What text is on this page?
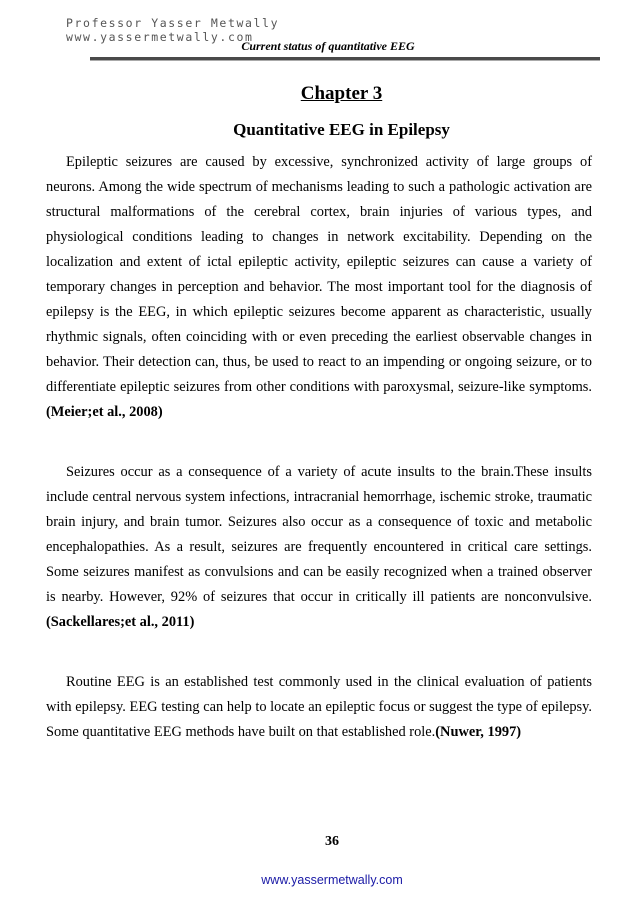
Professor Yasser Metwally
www.yassermetwally.com
Current status of quantitative EEG
Chapter 3
Quantitative EEG in Epilepsy

Epileptic seizures are caused by excessive, synchronized activity of large groups of neurons. Among the wide spectrum of mechanisms leading to such a pathologic activation are structural malformations of the cerebral cortex, brain injuries of various types, and physiological conditions leading to changes in network excitability. Depending on the localization and extent of ictal epileptic activity, epileptic seizures can cause a variety of temporary changes in perception and behavior. The most important tool for the diagnosis of epilepsy is the EEG, in which epileptic seizures become apparent as characteristic, usually rhythmic signals, often coinciding with or even preceding the earliest observable changes in behavior. Their detection can, thus, be used to react to an impending or ongoing seizure, or to differentiate epileptic seizures from other conditions with paroxysmal, seizure-like symptoms.(Meier;et al., 2008)

Seizures occur as a consequence of a variety of acute insults to the brain.These insults include central nervous system infections, intracranial hemorrhage, ischemic stroke, traumatic brain injury, and brain tumor. Seizures also occur as a consequence of toxic and metabolic encephalopathies. As a result, seizures are frequently encountered in critical care settings. Some seizures manifest as convulsions and can be easily recognized when a trained observer is nearby. However, 92% of seizures that occur in critically ill patients are nonconvulsive.(Sackellares;et al., 2011)

Routine EEG is an established test commonly used in the clinical evaluation of patients with epilepsy. EEG testing can help to locate an epileptic focus or suggest the type of epilepsy. Some quantitative EEG methods have built on that established role.(Nuwer, 1997)

36
www.yassermetwally.com
